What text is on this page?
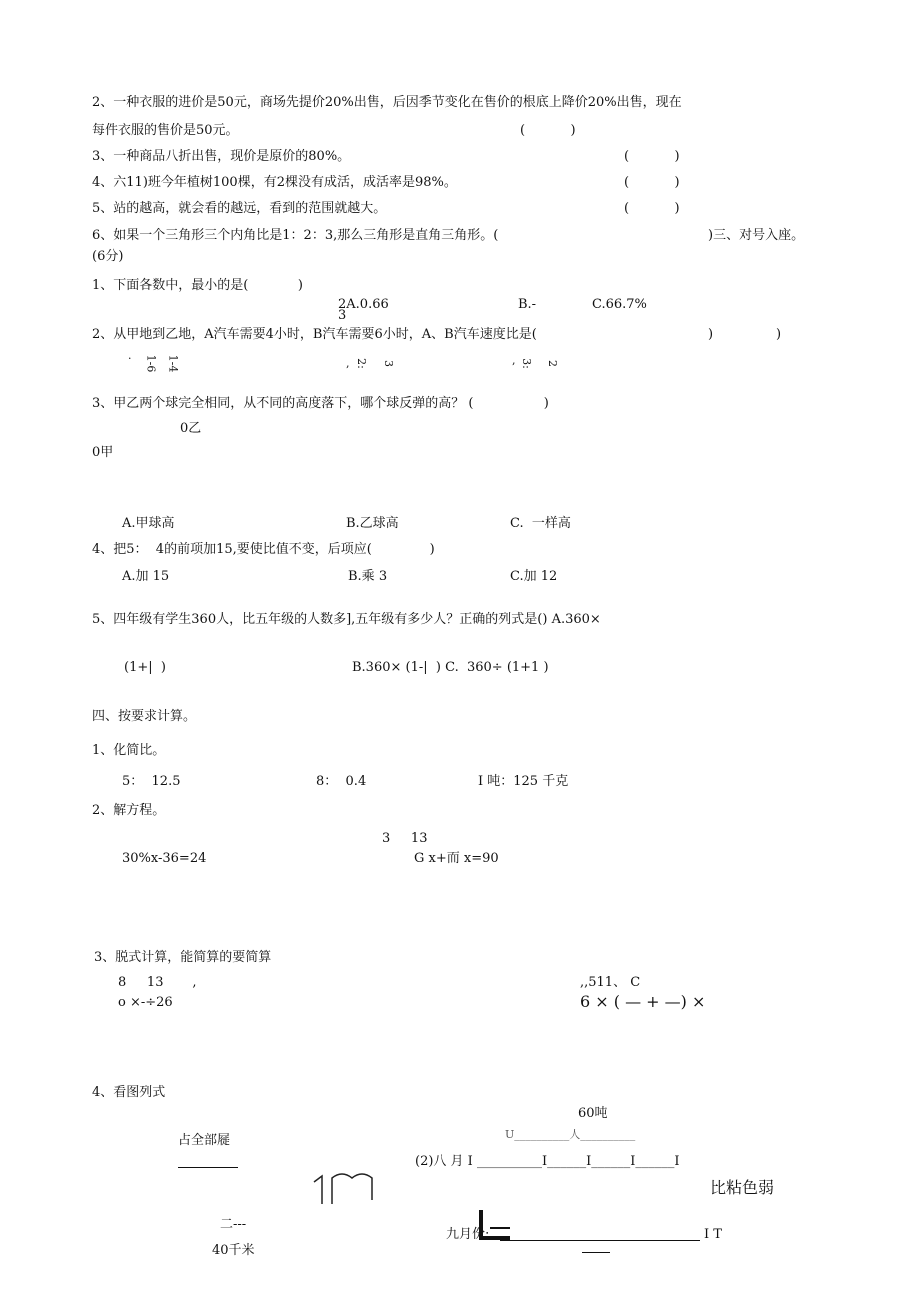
2、一种衣服的进价是50元，商场先提价20%出售，后因季节变化在售价的根底上降价20%出售，现在
每件衣服的售价是50元。	(           )
3、一种商品八折出售，现价是原价的80%。	(           )
4、六11)班今年植树100棵，有2棵没有成活，成活率是98%。	(           )
5、站的越高，就会看的越远，看到的范围就越大。	(           )
6、如果一个三角形三个内角比是1：2：3,那么三角形是直角三角形。(	)三、对号入座。
(6分)
1、下面各数中，最小的是(            )
2A.0.66
3
B.-	C.66.7%
2、从甲地到乙地，A汽车需要4小时，B汽车需要6小时，A、B汽车速度比是(	)	)
· 1-6 1-4	, 2: 3	, 3: 2
3、甲乙两个球完全相同，从不同的高度落下，哪个球反弹的高？ (                 )
0乙
0甲
A.甲球高	B.乙球高	C.  一样高
4、把5：  4的前项加15,要使比值不变，后项应(              )
A.加 15	B.乘 3	C.加 12
5、四年级有学生360人，比五年级的人数多],五年级有多少人？正确的列式是() A.360×
(1+|  )	B.360× (1-|  ) C.  360÷ (1+1 )
四、按要求计算。
1、化简比。
5：  12.5	8：  0.4	I 吨：125 千克
2、解方程。
3     13
30%x-36=24	G x+而 x=90
3、脱式计算，能简算的要简算
8     13       ,
o ×-÷26
,,511、 C
6 × ( — + —) ×
4、看图列式
占全部屣
二---
40千米
60吨
U__________人__________
(2)八 月 I __________I______I______I______I
比粘色弱
九月份:	I T
